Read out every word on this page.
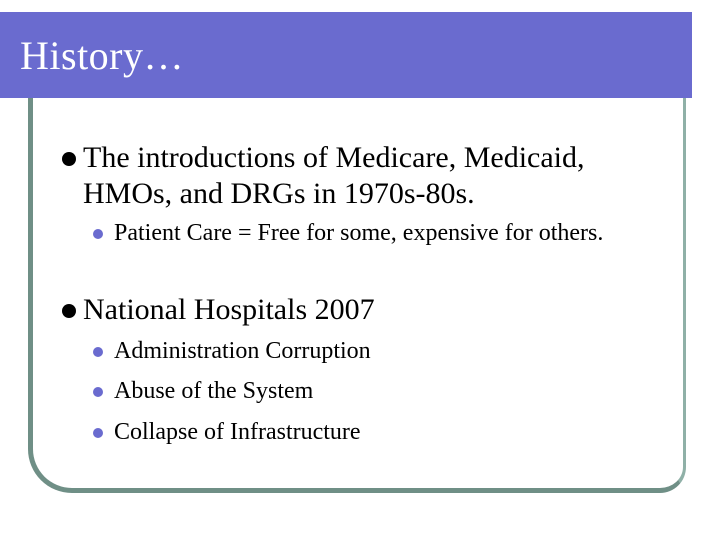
History…
The introductions of Medicare, Medicaid, HMOs, and DRGs in 1970s-80s.
Patient Care = Free for some, expensive for others.
National Hospitals 2007
Administration Corruption
Abuse of the System
Collapse of Infrastructure
